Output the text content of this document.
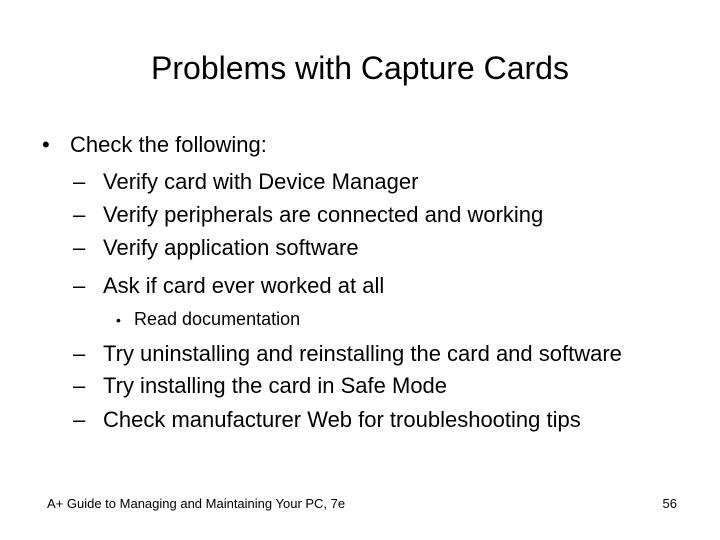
Problems with Capture Cards
• Check the following:
– Verify card with Device Manager
– Verify peripherals are connected and working
– Verify application software
– Ask if card ever worked at all
– Try uninstalling and reinstalling the card and software
– Try installing the card in Safe Mode
– Check manufacturer Web for troubleshooting tips
• Read documentation
A+ Guide to Managing and Maintaining Your PC, 7e	56
